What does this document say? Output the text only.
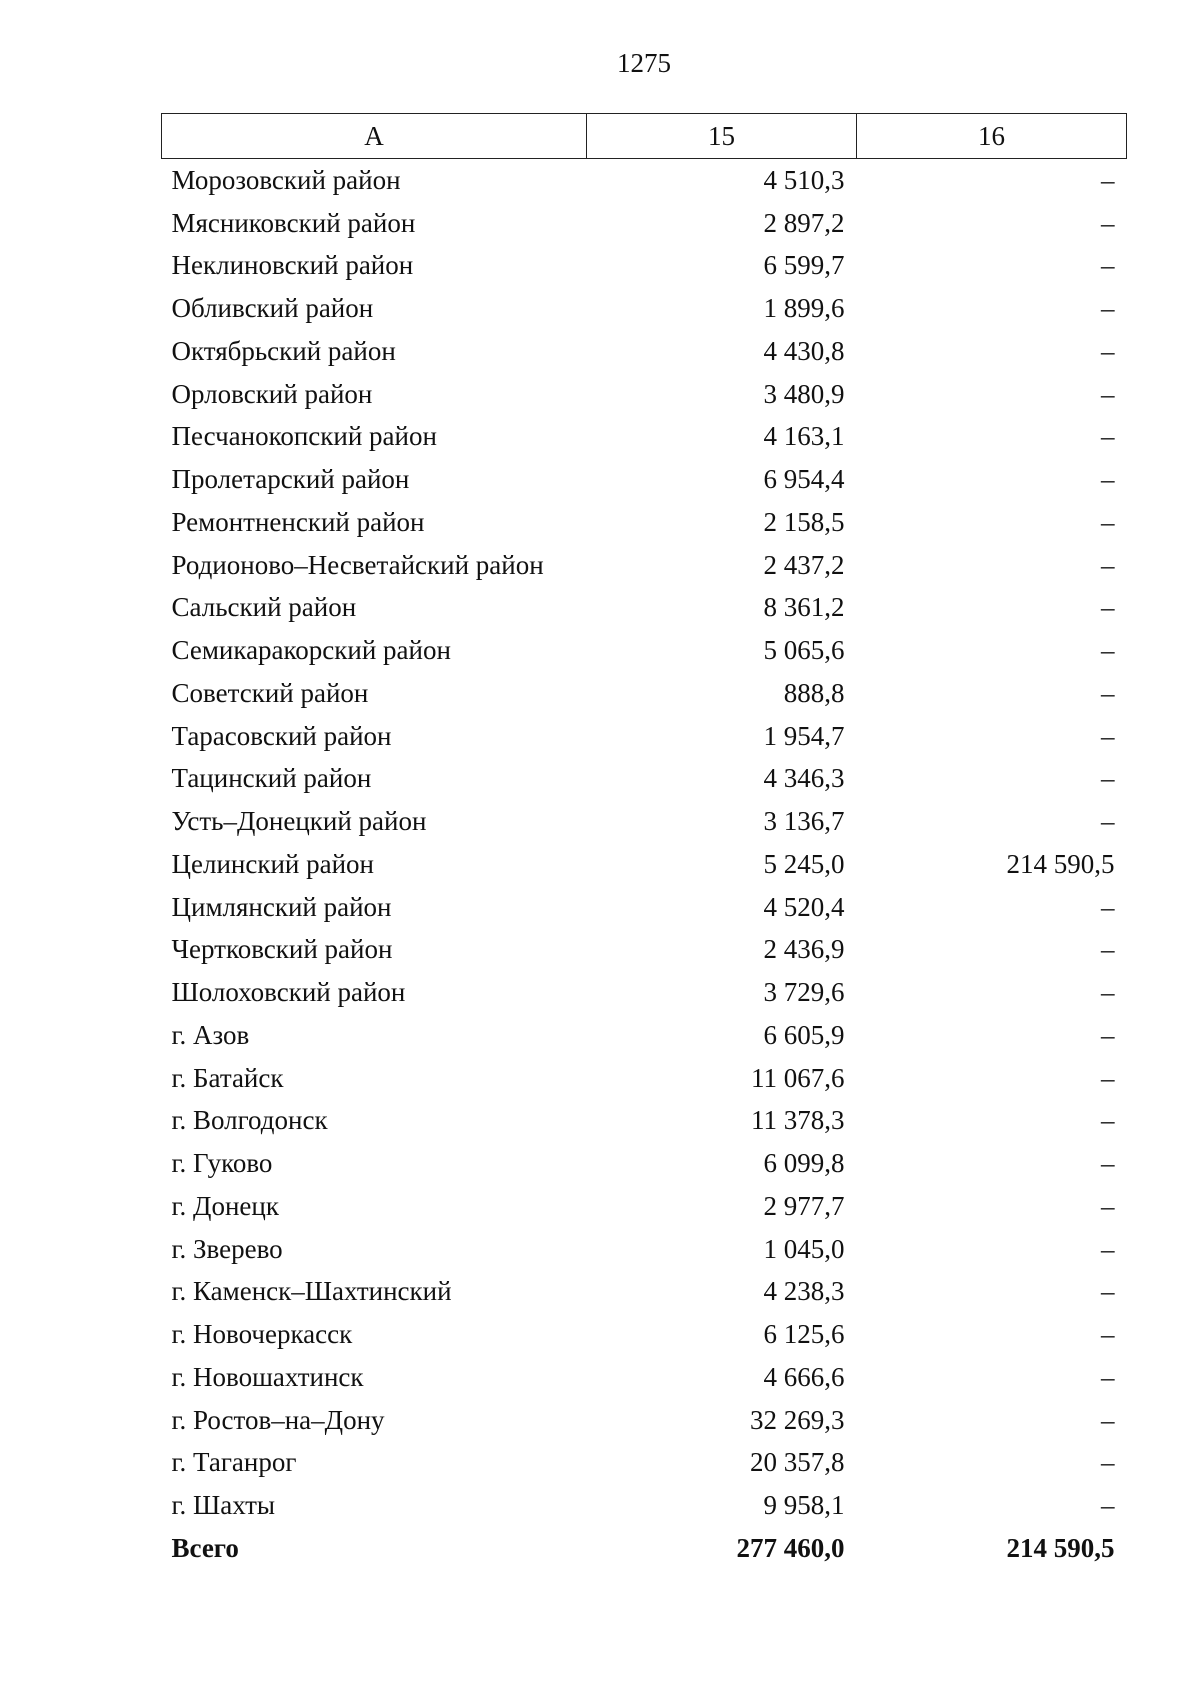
1275
А	15	16
Морозовский район	4 510,3	–
Мясниковский район	2 897,2	–
Неклиновский район	6 599,7	–
Обливский район	1 899,6	–
Октябрьский район	4 430,8	–
Орловский район	3 480,9	–
Песчанокопский район	4 163,1	–
Пролетарский район	6 954,4	–
Ремонтненский район	2 158,5	–
Родионово–Несветайский район	2 437,2	–
Сальский район	8 361,2	–
Семикаракорский район	5 065,6	–
Советский район	888,8	–
Тарасовский район	1 954,7	–
Тацинский район	4 346,3	–
Усть–Донецкий район	3 136,7	–
Целинский район	5 245,0	214 590,5
Цимлянский район	4 520,4	–
Чертковский район	2 436,9	–
Шолоховский район	3 729,6	–
г. Азов	6 605,9	–
г. Батайск	11 067,6	–
г. Волгодонск	11 378,3	–
г. Гуково	6 099,8	–
г. Донецк	2 977,7	–
г. Зверево	1 045,0	–
г. Каменск–Шахтинский	4 238,3	–
г. Новочеркасск	6 125,6	–
г. Новошахтинск	4 666,6	–
г. Ростов–на–Дону	32 269,3	–
г. Таганрог	20 357,8	–
г. Шахты	9 958,1	–
Всего	277 460,0	214 590,5
